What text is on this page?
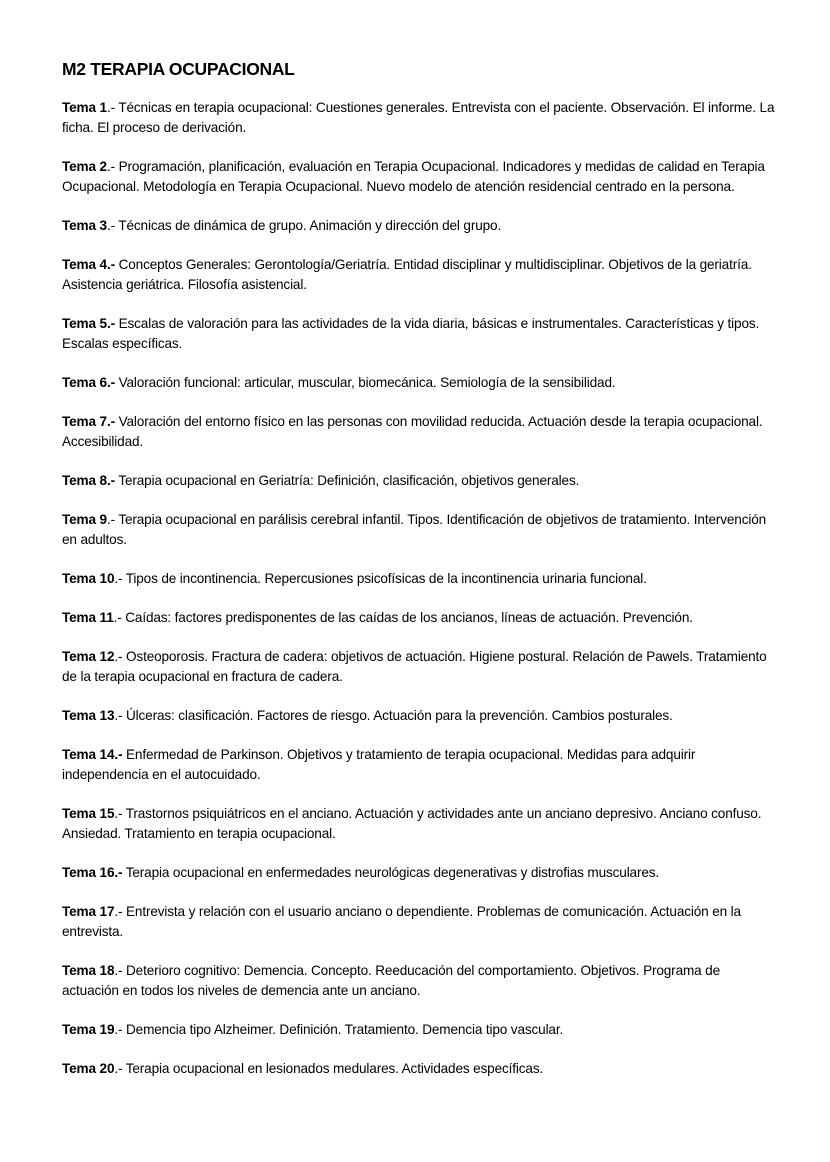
M2 TERAPIA OCUPACIONAL
Tema 1.- Técnicas en terapia ocupacional: Cuestiones generales. Entrevista con el paciente. Observación. El informe. La ficha. El proceso de derivación.
Tema 2.- Programación, planificación, evaluación en Terapia Ocupacional. Indicadores y medidas de calidad en Terapia Ocupacional. Metodología en Terapia Ocupacional. Nuevo modelo de atención residencial centrado en la persona.
Tema 3.- Técnicas de dinámica de grupo. Animación y dirección del grupo.
Tema 4.- Conceptos Generales: Gerontología/Geriatría. Entidad disciplinar y multidisciplinar. Objetivos de la geriatría. Asistencia geriátrica. Filosofía asistencial.
Tema 5.- Escalas de valoración para las actividades de la vida diaria, básicas e instrumentales. Características y tipos. Escalas específicas.
Tema 6.- Valoración funcional: articular, muscular, biomecánica. Semiología de la sensibilidad.
Tema 7.- Valoración del entorno físico en las personas con movilidad reducida. Actuación desde la terapia ocupacional. Accesibilidad.
Tema 8.- Terapia ocupacional en Geriatría: Definición, clasificación, objetivos generales.
Tema 9.- Terapia ocupacional en parálisis cerebral infantil. Tipos. Identificación de objetivos de tratamiento. Intervención en adultos.
Tema 10.- Tipos de incontinencia. Repercusiones psicofísicas de la incontinencia urinaria funcional.
Tema 11.- Caídas: factores predisponentes de las caídas de los ancianos, líneas de actuación. Prevención.
Tema 12.- Osteoporosis. Fractura de cadera: objetivos de actuación. Higiene postural. Relación de Pawels. Tratamiento de la terapia ocupacional en fractura de cadera.
Tema 13.- Úlceras: clasificación. Factores de riesgo. Actuación para la prevención. Cambios posturales.
Tema 14.- Enfermedad de Parkinson. Objetivos y tratamiento de terapia ocupacional. Medidas para adquirir independencia en el autocuidado.
Tema 15.- Trastornos psiquiátricos en el anciano. Actuación y actividades ante un anciano depresivo. Anciano confuso. Ansiedad. Tratamiento en terapia ocupacional.
Tema 16.- Terapia ocupacional en enfermedades neurológicas degenerativas y distrofias musculares.
Tema 17.- Entrevista y relación con el usuario anciano o dependiente. Problemas de comunicación. Actuación en la entrevista.
Tema 18.- Deterioro cognitivo: Demencia. Concepto. Reeducación del comportamiento. Objetivos. Programa de actuación en todos los niveles de demencia ante un anciano.
Tema 19.- Demencia tipo Alzheimer. Definición. Tratamiento. Demencia tipo vascular.
Tema 20.- Terapia ocupacional en lesionados medulares. Actividades específicas.
